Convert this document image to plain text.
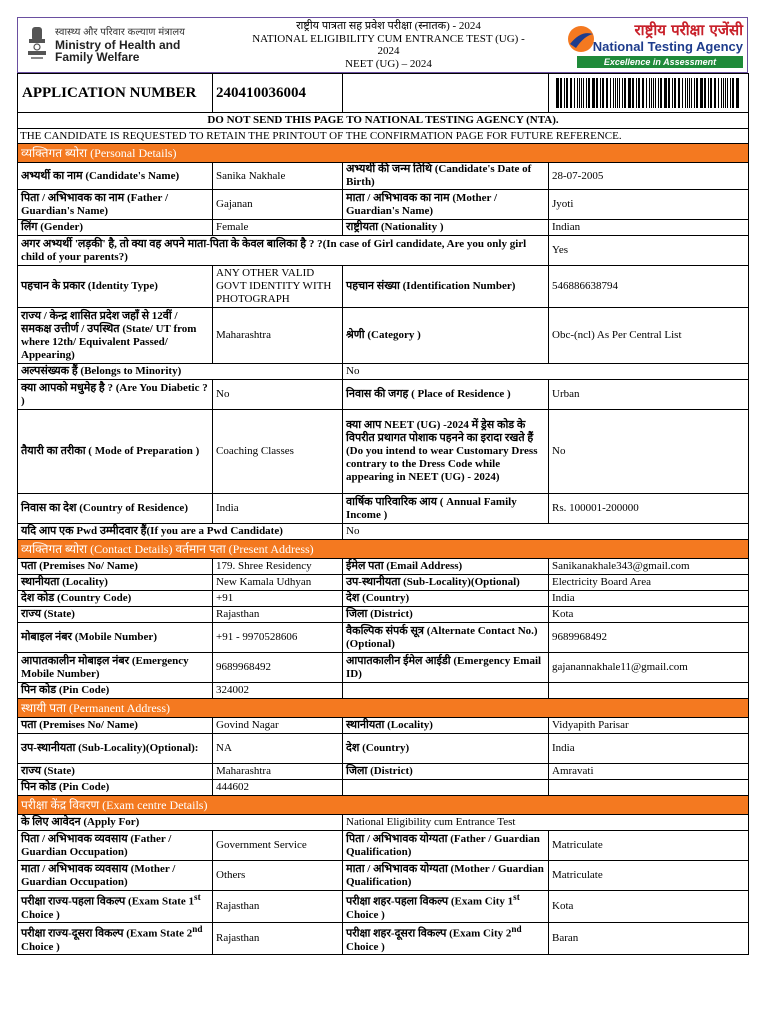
स्वास्थ्य और परिवार कल्याण मंत्रालय
Ministry of Health and
Family Welfare
राष्ट्रीय पात्रता सह प्रवेश परीक्षा (स्नातक) - 2024
NATIONAL ELIGIBILITY CUM ENTRANCE TEST (UG) -
2024
NEET (UG) – 2024
राष्ट्रीय परीक्षा एजेंसी
National Testing Agency
Excellence in Assessment
APPLICATION NUMBER	240410036004		

DO NOT SEND THIS PAGE TO NATIONAL TESTING AGENCY (NTA).			
THE CANDIDATE IS REQUESTED TO RETAIN THE PRINTOUT OF THE CONFIRMATION PAGE FOR FUTURE REFERENCE.			
व्यक्तिगत ब्योरा (Personal Details)			
अभ्यर्थी का नाम (Candidate's Name)	Sanika Nakhale	अभ्यर्थी की जन्म तिथि (Candidate's Date of Birth)	28-07-2005
पिता / अभिभावक का नाम (Father / Guardian's Name)	Gajanan	माता / अभिभावक का नाम (Mother / Guardian's Name)	Jyoti
लिंग (Gender)	Female	राष्ट्रीयता (Nationality )	Indian
अगर अभ्यर्थी 'लड़की' है, तो क्या वह अपने माता-पिता के केवल बालिका है ? ?(In case of Girl candidate, Are you only girl child of your parents?)			Yes
पहचान के प्रकार (Identity Type)	ANY OTHER VALID GOVT IDENTITY WITH PHOTOGRAPH	पहचान संख्या (Identification Number)	546886638794
राज्य / केन्द्र शासित प्रदेश जहाँ से 12वीं / समकक्ष उत्तीर्ण / उपस्थित (State/ UT from where 12th/ Equivalent Passed/ Appearing)	Maharashtra	श्रेणी (Category )	Obc-(ncl) As Per Central List
अल्पसंख्यक हैं (Belongs to Minority)		No	
क्या आपको मधुमेह है ? (Are You Diabetic ? )	No	निवास की जगह ( Place of Residence )	Urban
तैयारी का तरीका ( Mode of Preparation )	Coaching Classes	क्या आप NEET (UG) -2024 में ड्रेस कोड के विपरीत प्रथागत पोशाक पहनने का इरादा रखते हैं (Do you intend to wear Customary Dress contrary to the Dress Code while appearing in NEET (UG) - 2024)	No
निवास का देश (Country of Residence)	India	वार्षिक पारिवारिक आय ( Annual Family Income )	Rs. 100001-200000
यदि आप एक Pwd उम्मीदवार हैं(If you are a Pwd Candidate)		No	
व्यक्तिगत ब्योरा (Contact Details) वर्तमान पता (Present Address)			
पता (Premises No/ Name)	179. Shree Residency	ईमेल पता (Email Address)	Sanikanakhale343@gmail.com
स्थानीयता (Locality)	New Kamala Udhyan	उप-स्थानीयता (Sub-Locality)(Optional)	Electricity Board Area
देश कोड (Country Code)	+91	देश (Country)	India
राज्य (State)	Rajasthan	जिला (District)	Kota
मोबाइल नंबर (Mobile Number)	+91 - 9970528606	वैकल्पिक संपर्क सूत्र (Alternate Contact No.) (Optional)	9689968492
आपातकालीन मोबाइल नंबर (Emergency Mobile Number)	9689968492	आपातकालीन ईमेल आईडी (Emergency Email ID)	gajanannakhale11@gmail.com
पिन कोड (Pin Code)	324002		
स्थायी पता (Permanent Address)			
पता (Premises No/ Name)	Govind Nagar	स्थानीयता (Locality)	Vidyapith Parisar
उप-स्थानीयता (Sub-Locality)(Optional):	NA	देश (Country)	India
राज्य (State)	Maharashtra	जिला (District)	Amravati
पिन कोड (Pin Code)	444602		
परीक्षा केंद्र विवरण (Exam centre Details)			
के लिए आवेदन (Apply For)		National Eligibility cum Entrance Test	
पिता / अभिभावक व्यवसाय (Father / Guardian Occupation)	Government Service	पिता / अभिभावक योग्यता (Father / Guardian Qualification)	Matriculate
माता / अभिभावक व्यवसाय (Mother / Guardian Occupation)	Others	माता / अभिभावक योग्यता (Mother / Guardian Qualification)	Matriculate
परीक्षा राज्य-पहला विकल्प (Exam State 1st Choice )	Rajasthan	परीक्षा शहर-पहला विकल्प (Exam City 1st Choice )	Kota
परीक्षा राज्य-दूसरा विकल्प (Exam State 2nd Choice )	Rajasthan	परीक्षा शहर-दूसरा विकल्प (Exam City 2nd Choice )	Baran
